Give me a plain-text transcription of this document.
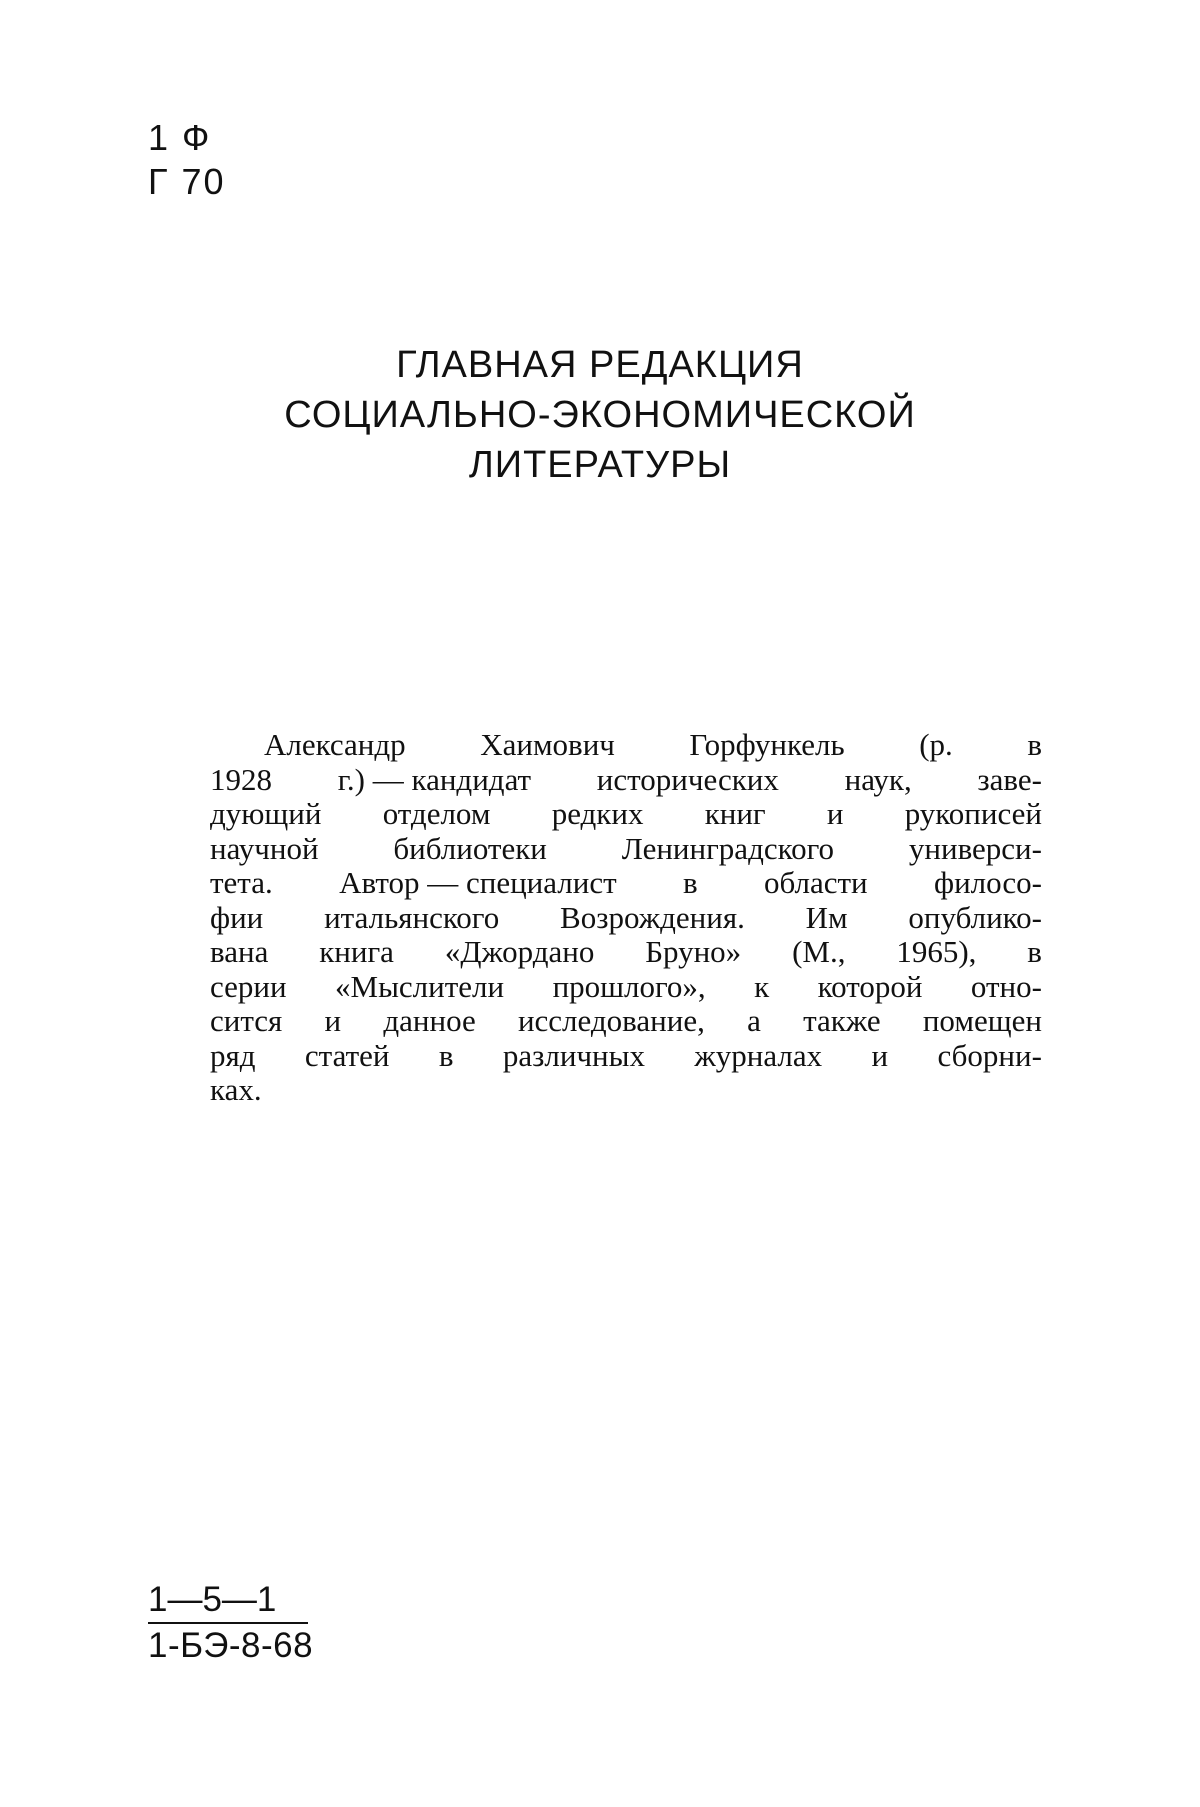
1 Ф
Г 70
ГЛАВНАЯ РЕДАКЦИЯ
СОЦИАЛЬНО-ЭКОНОМИЧЕСКОЙ
ЛИТЕРАТУРЫ
Александр Хаимович Горфункель (р. в
1928 г.) — кандидат исторических наук, заве-
дующий отделом редких книг и рукописей
научной библиотеки Ленинградского универси-
тета. Автор — специалист в области филосо-
фии итальянского Возрождения. Им опублико-
вана книга «Джордано Бруно» (М., 1965), в
серии «Мыслители прошлого», к которой отно-
сится и данное исследование, а также помещен
ряд статей в различных журналах и сборни-
ках.
1—5—1
1-БЭ-8-68
